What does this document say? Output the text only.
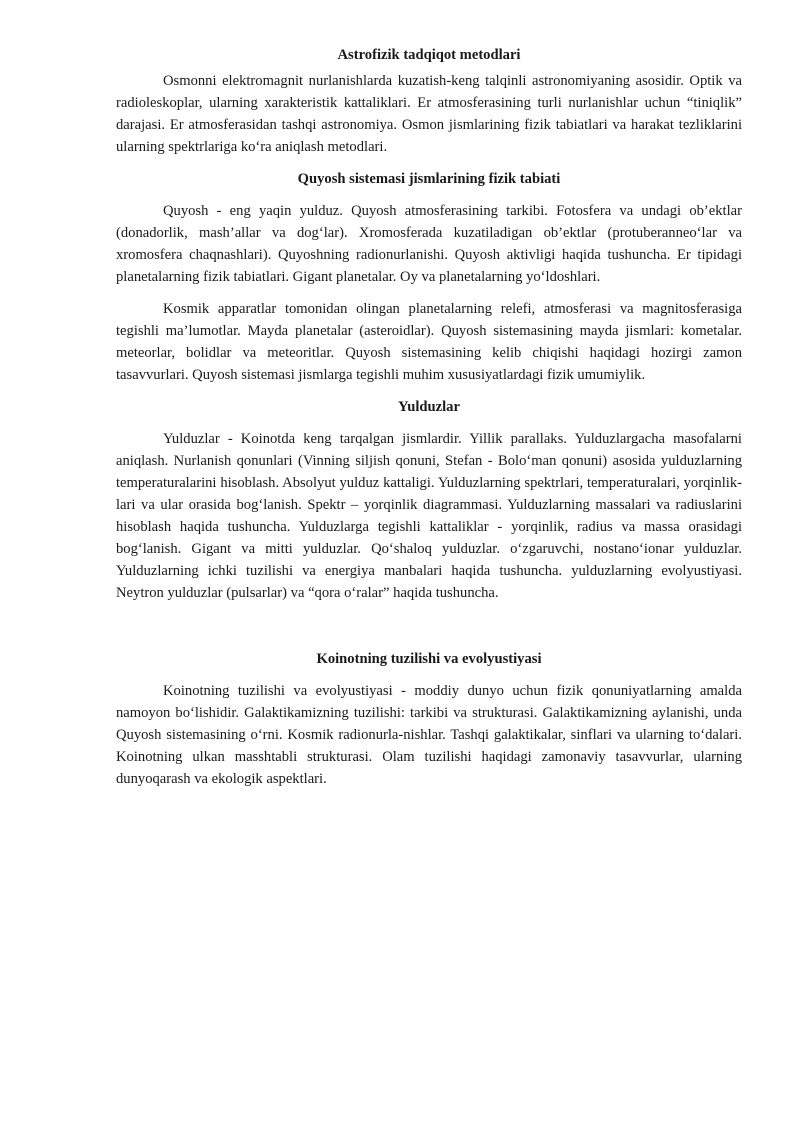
Astrofizik tadqiqot metodlari

Osmonni elektromagnit nurlanishlarda kuzatish-keng talqinli astronomiyaning asosidir. Optik va radioleskoplar, ularning xarakteristik kattaliklari. Er atmosferasining turli nurlanishlar uchun “tiniqlik” darajasi. Er atmosferasidan tashqi astronomiya. Osmon jismlarining fizik tabiatlari va harakat tezliklarini ularning spektrlariga ko‘ra aniqlash metodlari.

Quyosh sistemasi jismlarining fizik tabiati

Quyosh - eng yaqin yulduz. Quyosh atmosferasining tarkibi. Fotosfera va undagi ob’ektlar (donadorlik, mash’allar va dog‘lar). Xromosferada kuzatiladigan ob’ektlar (protuberanneo‘lar va xromosfera chaqnashlari). Quyoshning radionurlanishi. Quyosh aktivligi haqida tushuncha. Er tipidagi planetalarning fizik tabiatlari. Gigant planetalar. Oy va planetalarning yo‘ldoshlari.

Kosmik apparatlar tomonidan olingan planetalarning relefi, atmosferasi va magnitosferasiga tegishli ma’lumotlar. Mayda planetalar (asteroidlar). Quyosh sistemasining mayda jismlari: kometalar. meteorlar, bolidlar va meteoritlar. Quyosh sistemasining kelib chiqishi haqidagi hozirgi zamon tasavvurlari. Quyosh sistemasi jismlarga tegishli muhim xususiyatlardagi fizik umumiylik.

Yulduzlar

Yulduzlar - Koinotda keng tarqalgan jismlardir. Yillik parallaks. Yulduzlargacha masofalarni aniqlash. Nurlanish qonunlari (Vinning siljish qonuni, Stefan - Bolo‘man qonuni) asosida yulduzlarning temperaturalarini hisoblash. Absolyut yulduz kattaligi. Yulduzlarning spektrlari, temperaturalari, yorqinlik-lari va ular orasida bog‘lanish. Spektr – yorqinlik diagrammasi. Yulduzlarning massalari va radiuslarini hisoblash haqida tushuncha. Yulduzlarga tegishli kattaliklar - yorqinlik, radius va massa orasidagi bog‘lanish. Gigant va mitti yulduzlar. Qo‘shaloq yulduzlar. o‘zgaruvchi, nostano‘ionar yulduzlar. Yulduzlarning ichki tuzilishi va energiya manbalari haqida tushuncha. yulduzlarning evolyustiyasi. Neytron yulduzlar (pulsarlar) va “qora o‘ralar” haqida tushuncha.

Koinotning tuzilishi va evolyustiyasi

Koinotning tuzilishi va evolyustiyasi - moddiy dunyo uchun fizik qonuniyatlarning amalda namoyon bo‘lishidir. Galaktikamizning tuzilishi: tarkibi va strukturasi. Galaktikamizning aylanishi, unda Quyosh sistemasining o‘rni. Kosmik radionurla-nishlar. Tashqi galaktikalar, sinflari va ularning to‘dalari. Koinotning ulkan masshtabli strukturasi. Olam tuzilishi haqidagi zamonaviy tasavvurlar, ularning dunyoqarash va ekologik aspektlari.
